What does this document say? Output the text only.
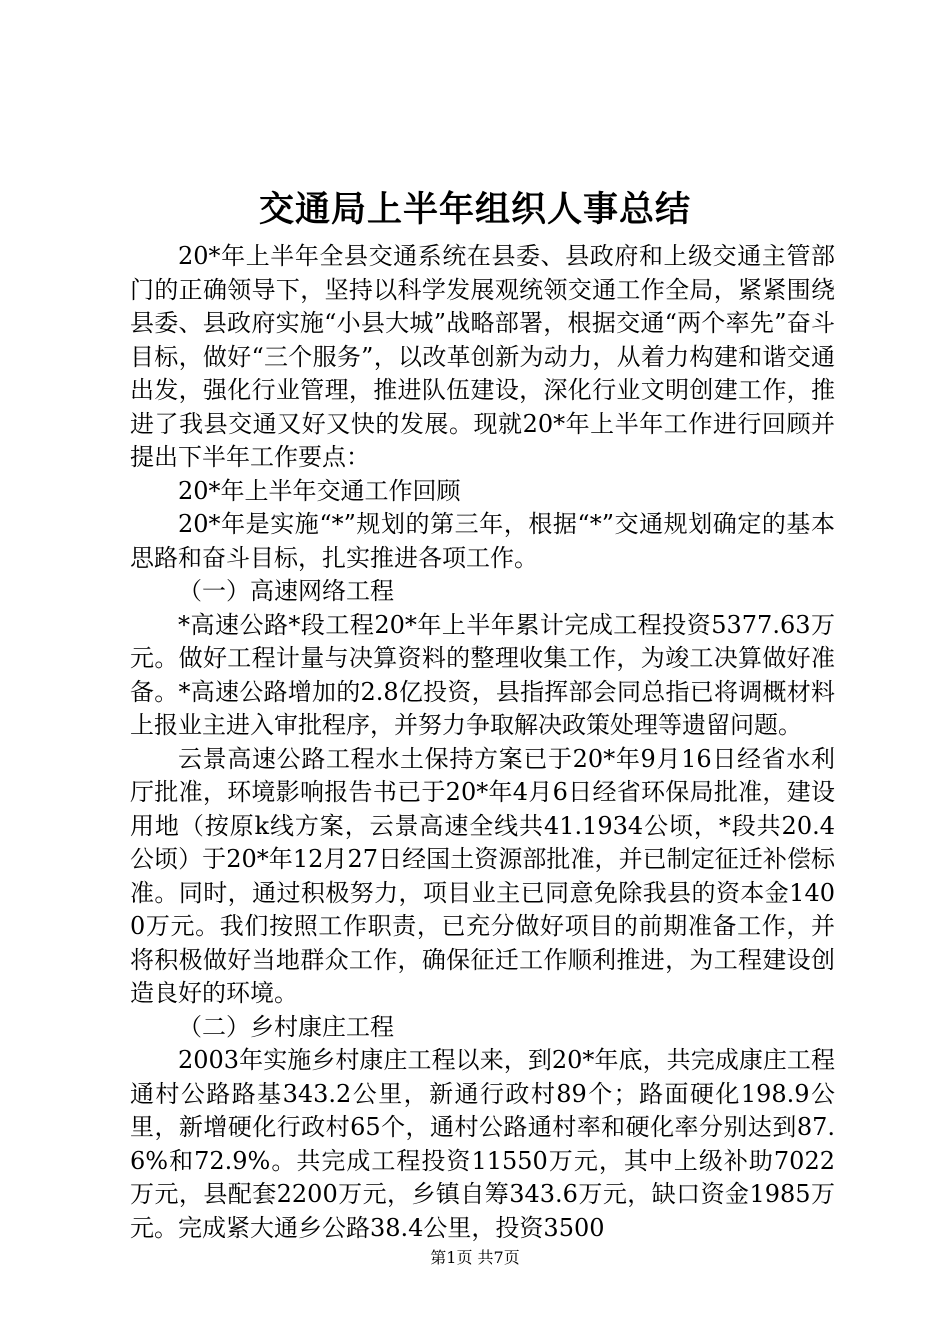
交通局上半年组织人事总结

20*年上半年全县交通系统在县委、县政府和上级交通主管部门的正确领导下，坚持以科学发展观统领交通工作全局，紧紧围绕县委、县政府实施“小县大城”战略部署，根据交通“两个率先”奋斗目标，做好“三个服务”，以改革创新为动力，从着力构建和谐交通出发，强化行业管理，推进队伍建设，深化行业文明创建工作，推进了我县交通又好又快的发展。现就20*年上半年工作进行回顾并提出下半年工作要点：

20*年上半年交通工作回顾

20*年是实施“*”规划的第三年，根据“*”交通规划确定的基本思路和奋斗目标，扎实推进各项工作。

（一）高速网络工程

*高速公路*段工程20*年上半年累计完成工程投资5377.63万元。做好工程计量与决算资料的整理收集工作，为竣工决算做好准备。*高速公路增加的2.8亿投资，县指挥部会同总指已将调概材料上报业主进入审批程序，并努力争取解决政策处理等遗留问题。

云景高速公路工程水土保持方案已于20*年9月16日经省水利厅批准，环境影响报告书已于20*年4月6日经省环保局批准，建设用地（按原k线方案，云景高速全线共41.1934公顷，*段共20.4公顷）于20*年12月27日经国土资源部批准，并已制定征迁补偿标准。同时，通过积极努力，项目业主已同意免除我县的资本金1400万元。我们按照工作职责，已充分做好项目的前期准备工作，并将积极做好当地群众工作，确保征迁工作顺利推进，为工程建设创造良好的环境。

（二）乡村康庄工程

2003年实施乡村康庄工程以来，到20*年底，共完成康庄工程通村公路路基343.2公里，新通行政村89个；路面硬化198.9公里，新增硬化行政村65个，通村公路通村率和硬化率分别达到87.6%和72.9%。共完成工程投资11550万元，其中上级补助7022万元，县配套2200万元，乡镇自筹343.6万元，缺口资金1985万元。完成紧大通乡公路38.4公里，投资3500

第1页 共7页
